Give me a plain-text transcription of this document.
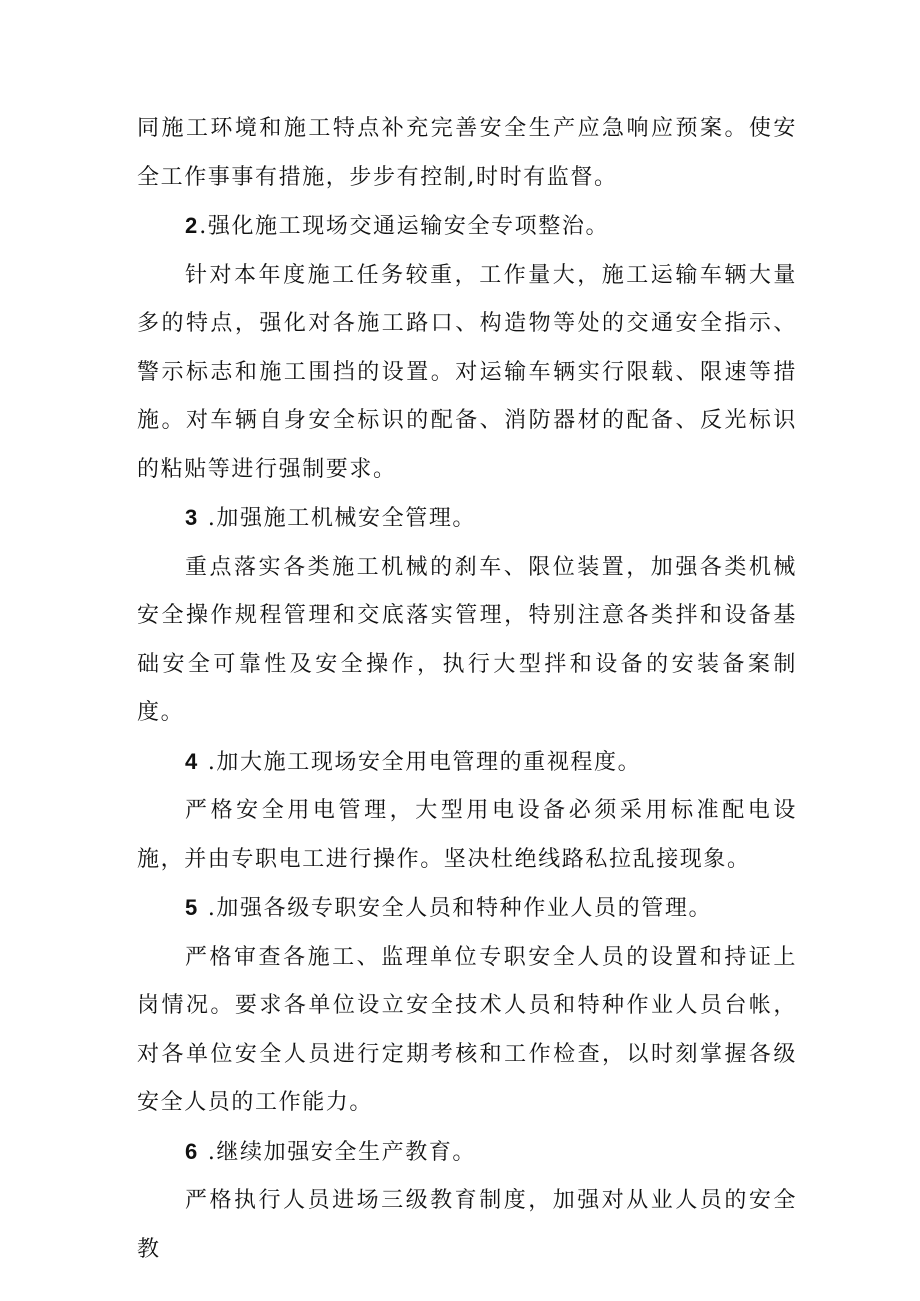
同施工环境和施工特点补充完善安全生产应急响应预案。使安全工作事事有措施，步步有控制,时时有监督。

2.强化施工现场交通运输安全专项整治。

针对本年度施工任务较重，工作量大，施工运输车辆大量多的特点，强化对各施工路口、构造物等处的交通安全指示、警示标志和施工围挡的设置。对运输车辆实行限载、限速等措施。对车辆自身安全标识的配备、消防器材的配备、反光标识的粘贴等进行强制要求。

3 .加强施工机械安全管理。

重点落实各类施工机械的刹车、限位装置，加强各类机械安全操作规程管理和交底落实管理，特别注意各类拌和设备基础安全可靠性及安全操作，执行大型拌和设备的安装备案制度。

4 .加大施工现场安全用电管理的重视程度。

严格安全用电管理，大型用电设备必须采用标准配电设施，并由专职电工进行操作。坚决杜绝线路私拉乱接现象。

5 .加强各级专职安全人员和特种作业人员的管理。

严格审查各施工、监理单位专职安全人员的设置和持证上岗情况。要求各单位设立安全技术人员和特种作业人员台帐，对各单位安全人员进行定期考核和工作检查，以时刻掌握各级安全人员的工作能力。

6 .继续加强安全生产教育。

严格执行人员进场三级教育制度，加强对从业人员的安全教
